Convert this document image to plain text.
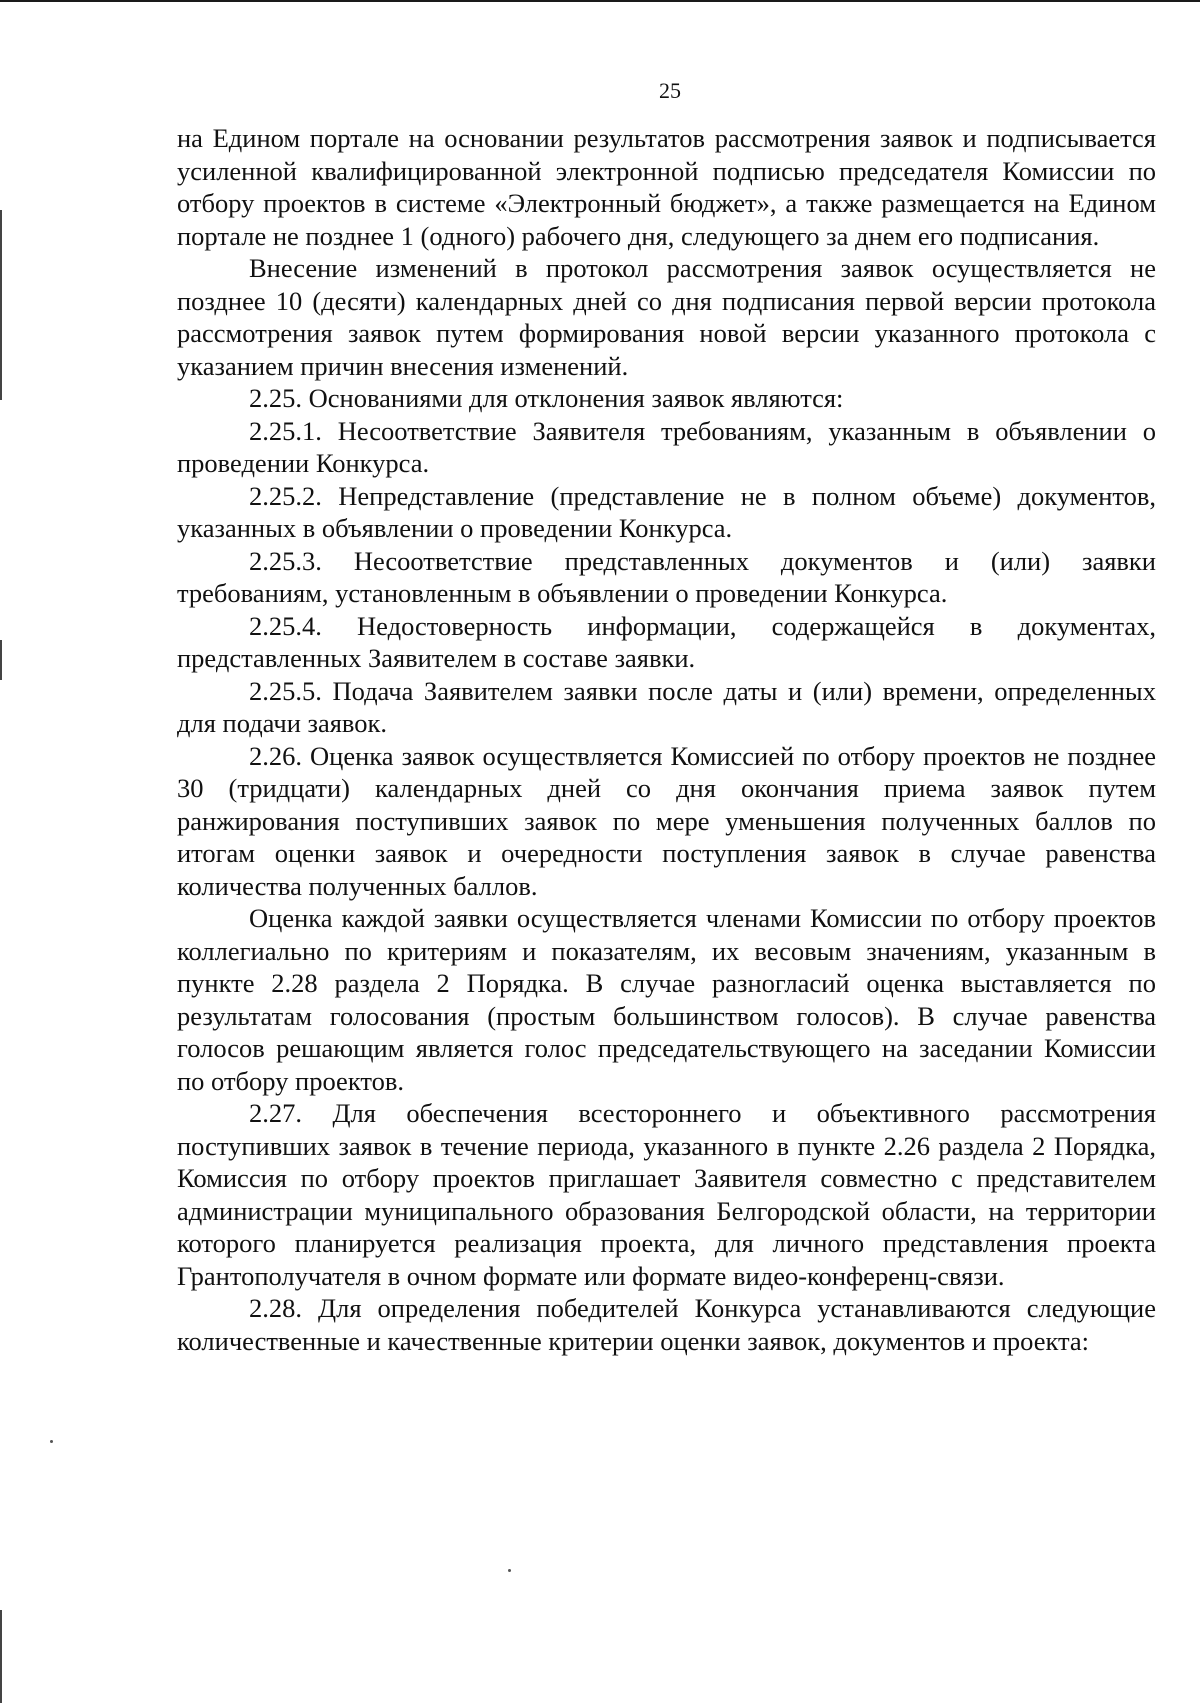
25

на Едином портале на основании результатов рассмотрения заявок и подписывается усиленной квалифицированной электронной подписью председателя Комиссии по отбору проектов в системе «Электронный бюджет», а также размещается на Едином портале не позднее 1 (одного) рабочего дня, следующего за днем его подписания.

Внесение изменений в протокол рассмотрения заявок осуществляется не позднее 10 (десяти) календарных дней со дня подписания первой версии протокола рассмотрения заявок путем формирования новой версии указанного протокола с указанием причин внесения изменений.

2.25. Основаниями для отклонения заявок являются:

2.25.1. Несоответствие Заявителя требованиям, указанным в объявлении о проведении Конкурса.

2.25.2. Непредставление (представление не в полном объеме) документов, указанных в объявлении о проведении Конкурса.

2.25.3. Несоответствие представленных документов и (или) заявки требованиям, установленным в объявлении о проведении Конкурса.

2.25.4. Недостоверность информации, содержащейся в документах, представленных Заявителем в составе заявки.

2.25.5. Подача Заявителем заявки после даты и (или) времени, определенных для подачи заявок.

2.26. Оценка заявок осуществляется Комиссией по отбору проектов не позднее 30 (тридцати) календарных дней со дня окончания приема заявок путем ранжирования поступивших заявок по мере уменьшения полученных баллов по итогам оценки заявок и очередности поступления заявок в случае равенства количества полученных баллов.

Оценка каждой заявки осуществляется членами Комиссии по отбору проектов коллегиально по критериям и показателям, их весовым значениям, указанным в пункте 2.28 раздела 2 Порядка. В случае разногласий оценка выставляется по результатам голосования (простым большинством голосов). В случае равенства голосов решающим является голос председательствующего на заседании Комиссии по отбору проектов.

2.27. Для обеспечения всестороннего и объективного рассмотрения поступивших заявок в течение периода, указанного в пункте 2.26 раздела 2 Порядка, Комиссия по отбору проектов приглашает Заявителя совместно с представителем администрации муниципального образования Белгородской области, на территории которого планируется реализация проекта, для личного представления проекта Грантополучателя в очном формате или формате видео-конференц-связи.

2.28. Для определения победителей Конкурса устанавливаются следующие количественные и качественные критерии оценки заявок, документов и проекта:
